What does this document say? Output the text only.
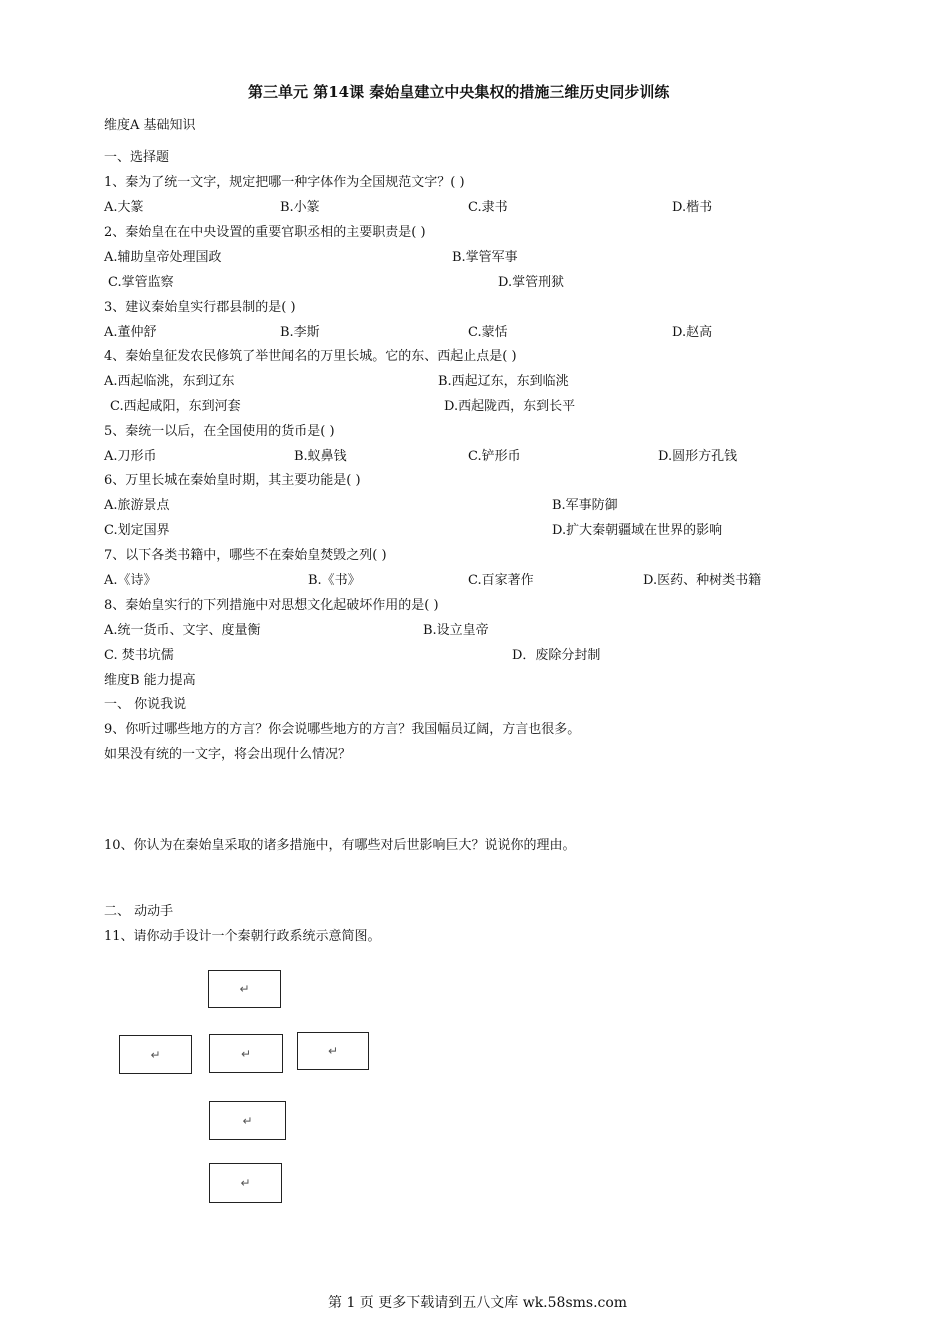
第三单元 第14课 秦始皇建立中央集权的措施三维历史同步训练
维度A 基础知识
一、选择题
1、秦为了统一文字，规定把哪一种字体作为全国规范文字？( )
A.大篆	B.小篆	C.隶书	D.楷书
2、秦始皇在在中央设置的重要官职丞相的主要职责是( )
A.辅助皇帝处理国政	B.掌管军事
C.掌管监察	D.掌管刑狱
3、建议秦始皇实行郡县制的是( )
A.董仲舒	B.李斯	C.蒙恬	D.赵高
4、秦始皇征发农民修筑了举世闻名的万里长城。它的东、西起止点是( )
A.西起临洮，东到辽东	B.西起辽东，东到临洮
C.西起咸阳，东到河套	D.西起陇西，东到长平
5、秦统一以后，在全国使用的货币是( )
A.刀形币	B.蚁鼻钱	C.铲形币	D.圆形方孔钱
6、万里长城在秦始皇时期，其主要功能是( )
A.旅游景点	B.军事防御
C.划定国界	D.扩大秦朝疆域在世界的影响
7、以下各类书籍中，哪些不在秦始皇焚毁之列( )
A.《诗》	B.《书》	C.百家著作	D.医药、种树类书籍
8、秦始皇实行的下列措施中对思想文化起破坏作用的是( )
A.统一货币、文字、度量衡	B.设立皇帝
C. 焚书坑儒	D．废除分封制
维度B 能力提高
一、 你说我说
9、你听过哪些地方的方言？你会说哪些地方的方言？我国幅员辽阔，方言也很多。
如果没有统的一文字，将会出现什么情况？
10、你认为在秦始皇采取的诸多措施中，有哪些对后世影响巨大？说说你的理由。
二、 动动手
11、请你动手设计一个秦朝行政系统示意简图。
↵
↵	↵	↵
↵
↵
第 1 页 更多下载请到五八文库 wk.58sms.com
